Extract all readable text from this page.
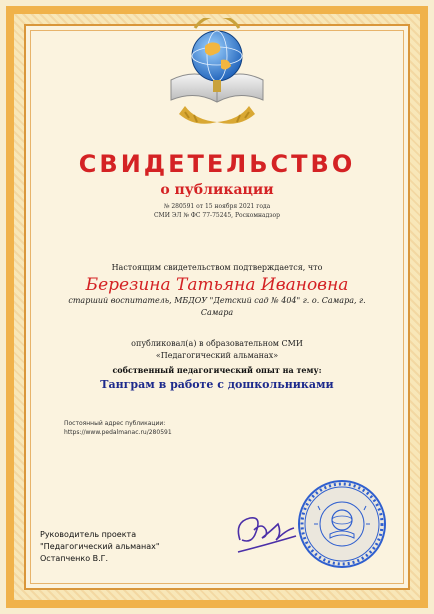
СВИДЕТЕЛЬСТВО
о публикации
№ 280591 от 15 ноября 2021 года
СМИ ЭЛ № ФС 77-75245, Роскомнадзор
Настоящим свидетельством подтверждается, что
Березина Татьяна Ивановна
старший воспитатель, МБДОУ "Детский сад № 404" г. о. Самара, г. Самара
опубликовал(а) в образовательном СМИ
«Педагогический альманах»
собственный педагогический опыт на тему:
Танграм в работе с дошкольниками
Постоянный адрес публикации:
https://www.pedalmanac.ru/280591
Руководитель проекта
"Педагогический альманах"
Остапченко В.Г.
